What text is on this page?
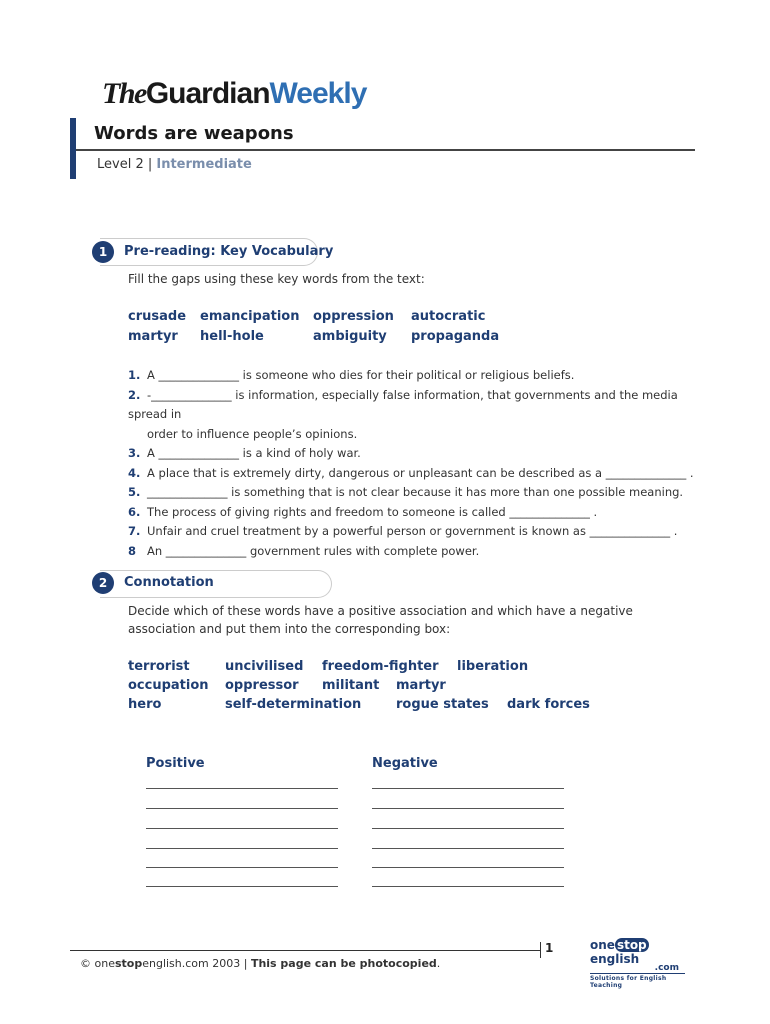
TheGuardianWeekly
Words are weapons
Level 2 | Intermediate
1	Pre-reading: Key Vocabulary
Fill the gaps using these key words from the text:
crusade emancipation oppression autocratic
martyr hell-hole	ambiguity propaganda
1. A ______________ is someone who dies for their political or religious beliefs.
2. -______________ is information, especially false information, that governments and the media spread in
order to influence people’s opinions.
3. A ______________ is a kind of holy war.
4. A place that is extremely dirty, dangerous or unpleasant can be described as a ______________ .
5. ______________ is something that is not clear because it has more than one possible meaning.
6. The process of giving rights and freedom to someone is called ______________ .
7. Unfair and cruel treatment by a powerful person or government is known as ______________ .
8 An ______________ government rules with complete power.
2	Connotation
Decide which of these words have a positive association and which have a negative
association and put them into the corresponding box:
terrorist	uncivilised freedom-fighter liberation
occupation oppressor militant martyr
hero	self-determination	rogue states dark forces
Positive	Negative
1
© onestopenglish.com 2003 | This page can be photocopied.
one stopenglish
.com
Solutions for English Teaching
